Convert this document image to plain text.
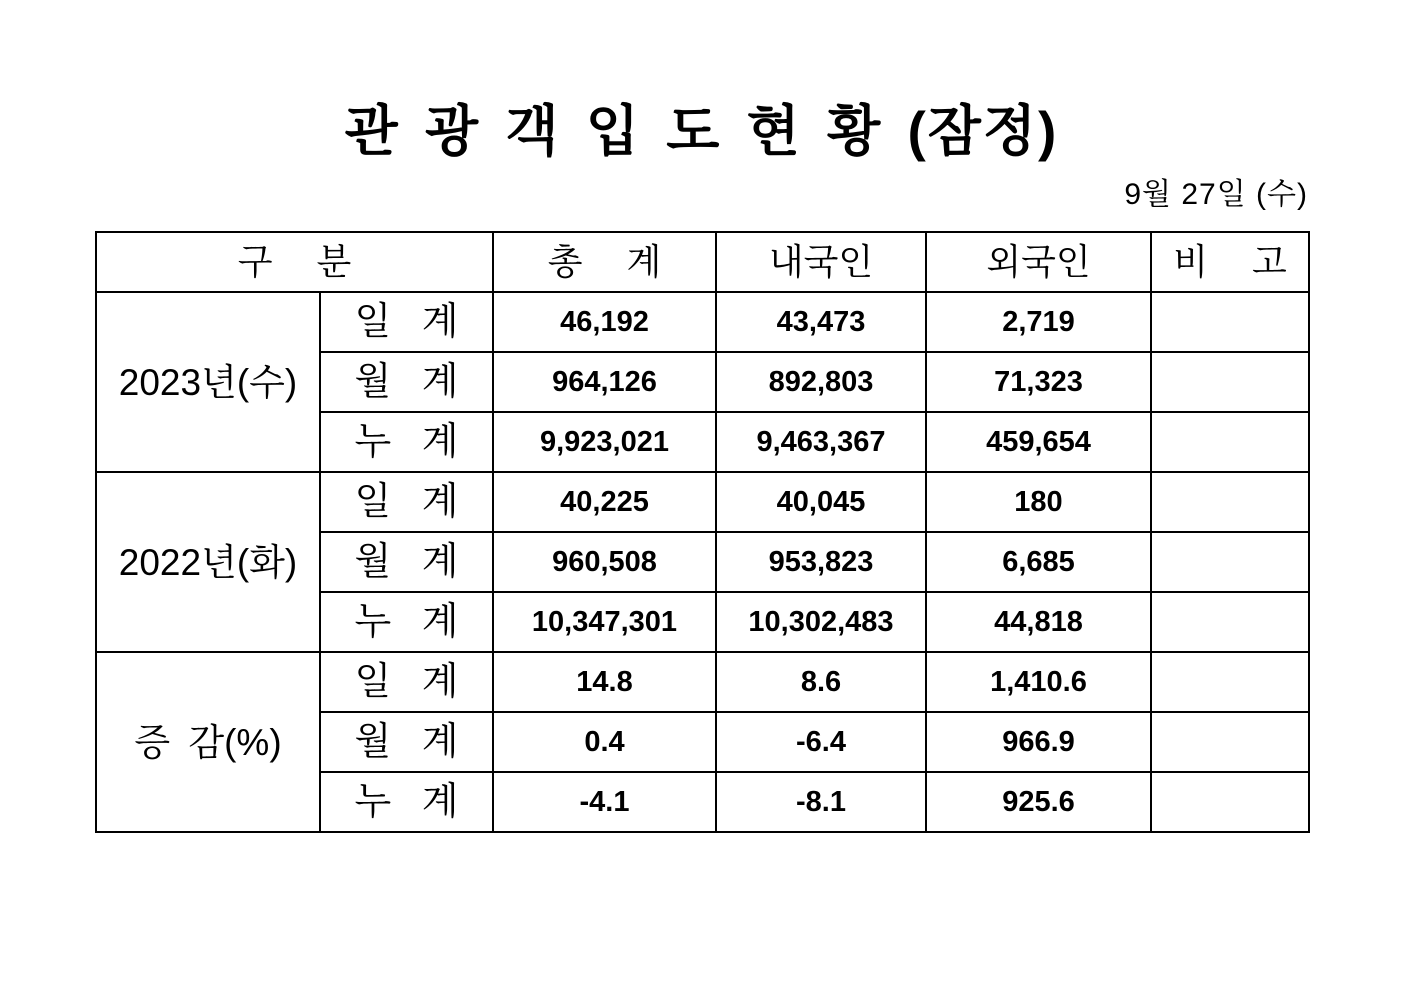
관 광 객 입 도 현 황 (잠정)
9월 27일 (수)
구 분		총 계	내국인	외국인	비 고
2023년(수)	일 계	46,192	43,473	2,719	
	월 계	964,126	892,803	71,323	
	누 계	9,923,021	9,463,367	459,654	
2022년(화)	일 계	40,225	40,045	180	
	월 계	960,508	953,823	6,685	
	누 계	10,347,301	10,302,483	44,818	
증 감(%)	일 계	14.8	8.6	1,410.6	
	월 계	0.4	-6.4	966.9	
	누 계	-4.1	-8.1	925.6	
